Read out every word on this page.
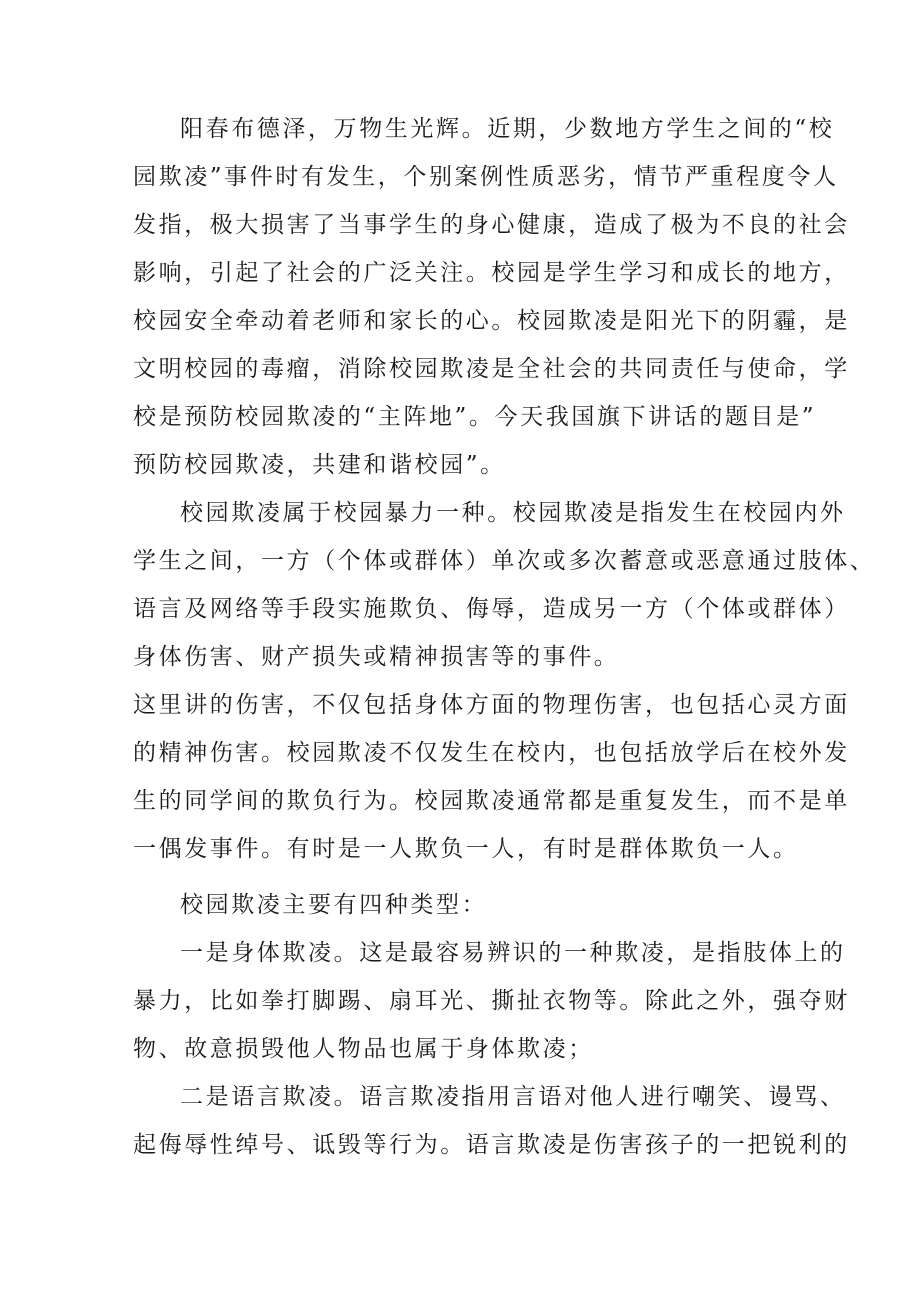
阳春布德泽，万物生光辉。近期，少数地方学生之间的“校
园欺凌”事件时有发生，个别案例性质恶劣，情节严重程度令人
发指，极大损害了当事学生的身心健康，造成了极为不良的社会
影响，引起了社会的广泛关注。校园是学生学习和成长的地方，
校园安全牵动着老师和家长的心。校园欺凌是阳光下的阴霾，是
文明校园的毒瘤，消除校园欺凌是全社会的共同责任与使命，学
校是预防校园欺凌的“主阵地”。今天我国旗下讲话的题目是”
预防校园欺凌，共建和谐校园”。
校园欺凌属于校园暴力一种。校园欺凌是指发生在校园内外
学生之间，一方（个体或群体）单次或多次蓄意或恶意通过肢体、
语言及网络等手段实施欺负、侮辱，造成另一方（个体或群体）
身体伤害、财产损失或精神损害等的事件。
这里讲的伤害，不仅包括身体方面的物理伤害，也包括心灵方面
的精神伤害。校园欺凌不仅发生在校内，也包括放学后在校外发
生的同学间的欺负行为。校园欺凌通常都是重复发生，而不是单
一偶发事件。有时是一人欺负一人，有时是群体欺负一人。
校园欺凌主要有四种类型：
一是身体欺凌。这是最容易辨识的一种欺凌，是指肢体上的
暴力，比如拳打脚踢、扇耳光、撕扯衣物等。除此之外，强夺财
物、故意损毁他人物品也属于身体欺凌；
二是语言欺凌。语言欺凌指用言语对他人进行嘲笑、谩骂、
起侮辱性绰号、诋毁等行为。语言欺凌是伤害孩子的一把锐利的
